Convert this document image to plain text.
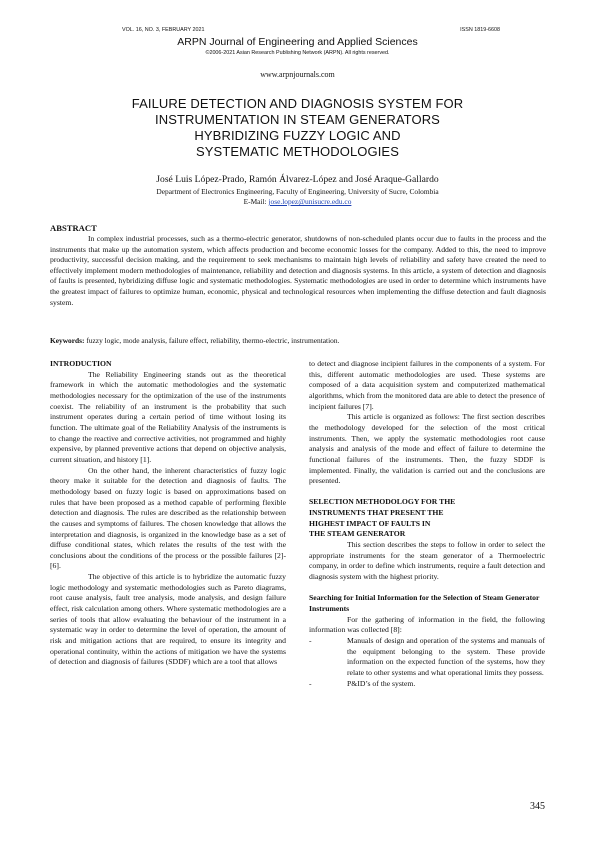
VOL. 16, NO. 3, FEBRUARY 2021	ISSN 1819-6608
ARPN Journal of Engineering and Applied Sciences
©2006-2021 Asian Research Publishing Network (ARPN). All rights reserved.
www.arpnjournals.com
FAILURE DETECTION AND DIAGNOSIS SYSTEM FOR
INSTRUMENTATION IN STEAM GENERATORS
HYBRIDIZING FUZZY LOGIC AND
SYSTEMATIC METHODOLOGIES
José Luis López-Prado, Ramón Álvarez-López and José Araque-Gallardo
Department of Electronics Engineering, Faculty of Engineering, University of Sucre, Colombia
E-Mail: jose.lopez@unisucre.edu.co
ABSTRACT

In complex industrial processes, such as a thermo-electric generator, shutdowns of non-scheduled plants occur due to faults in the process and the instruments that make up the automation system, which affects production and become economic losses for the company. Added to this, the need to improve productivity, successful decision making, and the requirement to seek mechanisms to maintain high levels of reliability and safety have created the need to effectively implement modern methodologies of maintenance, reliability and detection and diagnosis systems. In this article, a system of detection and diagnosis of faults is presented, hybridizing diffuse logic and systematic methodologies. Systematic methodologies are used in order to determine which instruments have the greatest impact of failures to optimize human, economic, physical and technological resources when implementing the diffuse detection and fault diagnosis system.

Keywords: fuzzy logic, mode analysis, failure effect, reliability, thermo-electric, instrumentation.
INTRODUCTION

The Reliability Engineering stands out as the theoretical framework in which the automatic methodologies and the systematic methodologies necessary for the optimization of the use of the instruments coexist. The reliability of an instrument is the probability that such instrument operates during a certain period of time without losing its function. The ultimate goal of the Reliability Analysis of the instruments is to change the reactive and corrective activities, not programmed and highly expensive, by planned preventive actions that depend on objective analysis, current situation, and history [1].

On the other hand, the inherent characteristics of fuzzy logic theory make it suitable for the detection and diagnosis of faults. The methodology based on fuzzy logic is based on approximations based on rules that have been proposed as a method capable of performing flexible detection and diagnosis. The rules are described as the relationship between the causes and symptoms of failures. The chosen knowledge that allows the interpretation and diagnosis, is organized in the knowledge base as a set of diffuse conditional states, which relates the results of the test with the conclusions about the conditions of the process or the possible failures [2]-[6].

The objective of this article is to hybridize the automatic fuzzy logic methodology and systematic methodologies such as Pareto diagrams, root cause analysis, fault tree analysis, mode analysis, and design failure effect, risk calculation among others. Where systematic methodologies are a series of tools that allow evaluating the behaviour of the instrument in a systematic way in order to determine the level of operation, the amount of risk and mitigation actions that are required, to ensure its integrity and operational continuity, within the actions of mitigation we have the systems of detection and diagnosis of failures (SDDF) which are a tool that allows

to detect and diagnose incipient failures in the components of a system. For this, different automatic methodologies are used. These systems are composed of a data acquisition system and computerized mathematical algorithms, which from the monitored data are able to detect the presence of incipient failures [7].

This article is organized as follows: The first section describes the methodology developed for the selection of the most critical instruments. Then, we apply the systematic methodologies root cause analysis and analysis of the mode and effect of failure to determine the functional failures of the instruments. Then, the fuzzy SDDF is implemented. Finally, the validation is carried out and the conclusions are presented.

SELECTION METHODOLOGY FOR THE
INSTRUMENTS THAT PRESENT THE
HIGHEST IMPACT OF FAULTS IN
THE STEAM GENERATOR

This section describes the steps to follow in order to select the appropriate instruments for the steam generator of a Thermoelectric company, in order to define which instruments, require a fault detection and diagnosis system with the highest priority.

Searching for Initial Information for the Selection of Steam Generator Instruments

For the gathering of information in the field, the following information was collected [8]:

-	Manuals of design and operation of the systems and manuals of the equipment belonging to the system. These provide information on the expected function of the systems, how they relate to other systems and what operational limits they possess.
-	P&ID’s of the system.
345
